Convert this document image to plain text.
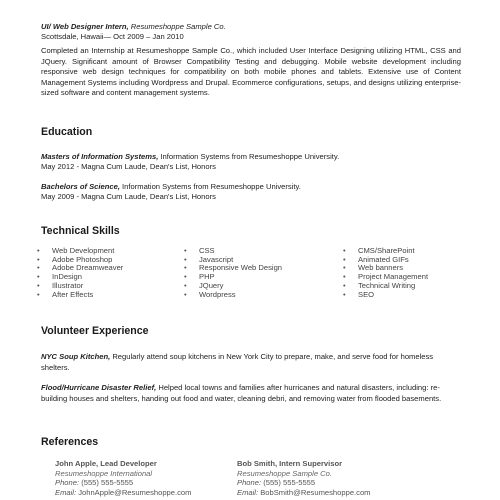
UI/ Web Designer Intern, Resumeshoppe Sample Co.
Scottsdale, Hawaii— Oct 2009 – Jan 2010
Completed an Internship at Resumeshoppe Sample Co., which included User Interface Designing utilizing HTML, CSS and JQuery. Significant amount of Browser Compatibility Testing and debugging. Mobile website development including responsive web design techniques for compatibility on both mobile phones and tablets. Extensive use of Content Management Systems including Wordpress and Drupal. Ecommerce configurations, setups, and designs utilizing enterprise-sized software and content management systems.
Education
Masters of Information Systems, Information Systems from Resumeshoppe University.
May 2012 - Magna Cum Laude, Dean's List, Honors
Bachelors of Science, Information Systems from Resumeshoppe University.
May 2009 - Magna Cum Laude, Dean's List, Honors
Technical Skills
• Web Development
• Adobe Photoshop
• Adobe Dreamweaver
• InDesign
• Illustrator
• After Effects
• CSS
• Javascript
• Responsive Web Design
• PHP
• JQuery
• Wordpress
• CMS/SharePoint
• Animated GIFs
• Web banners
• Project Management
• Technical Writing
• SEO
Volunteer Experience
NYC Soup Kitchen, Regularly attend soup kitchens in New York City to prepare, make, and serve food for homeless shelters.
Flood/Hurricane Disaster Relief, Helped local towns and families after hurricanes and natural disasters, including: re-building houses and shelters, handing out food and water, cleaning debri, and removing water from flooded basements.
References
John Apple, Lead Developer
Resumeshoppe International
Phone: (555) 555-5555
Email: JohnApple@Resumeshoppe.com
Bob Smith, Intern Supervisor
Resumeshoppe Sample Co.
Phone: (555) 555-5555
Email: BobSmith@Resumeshoppe.com
